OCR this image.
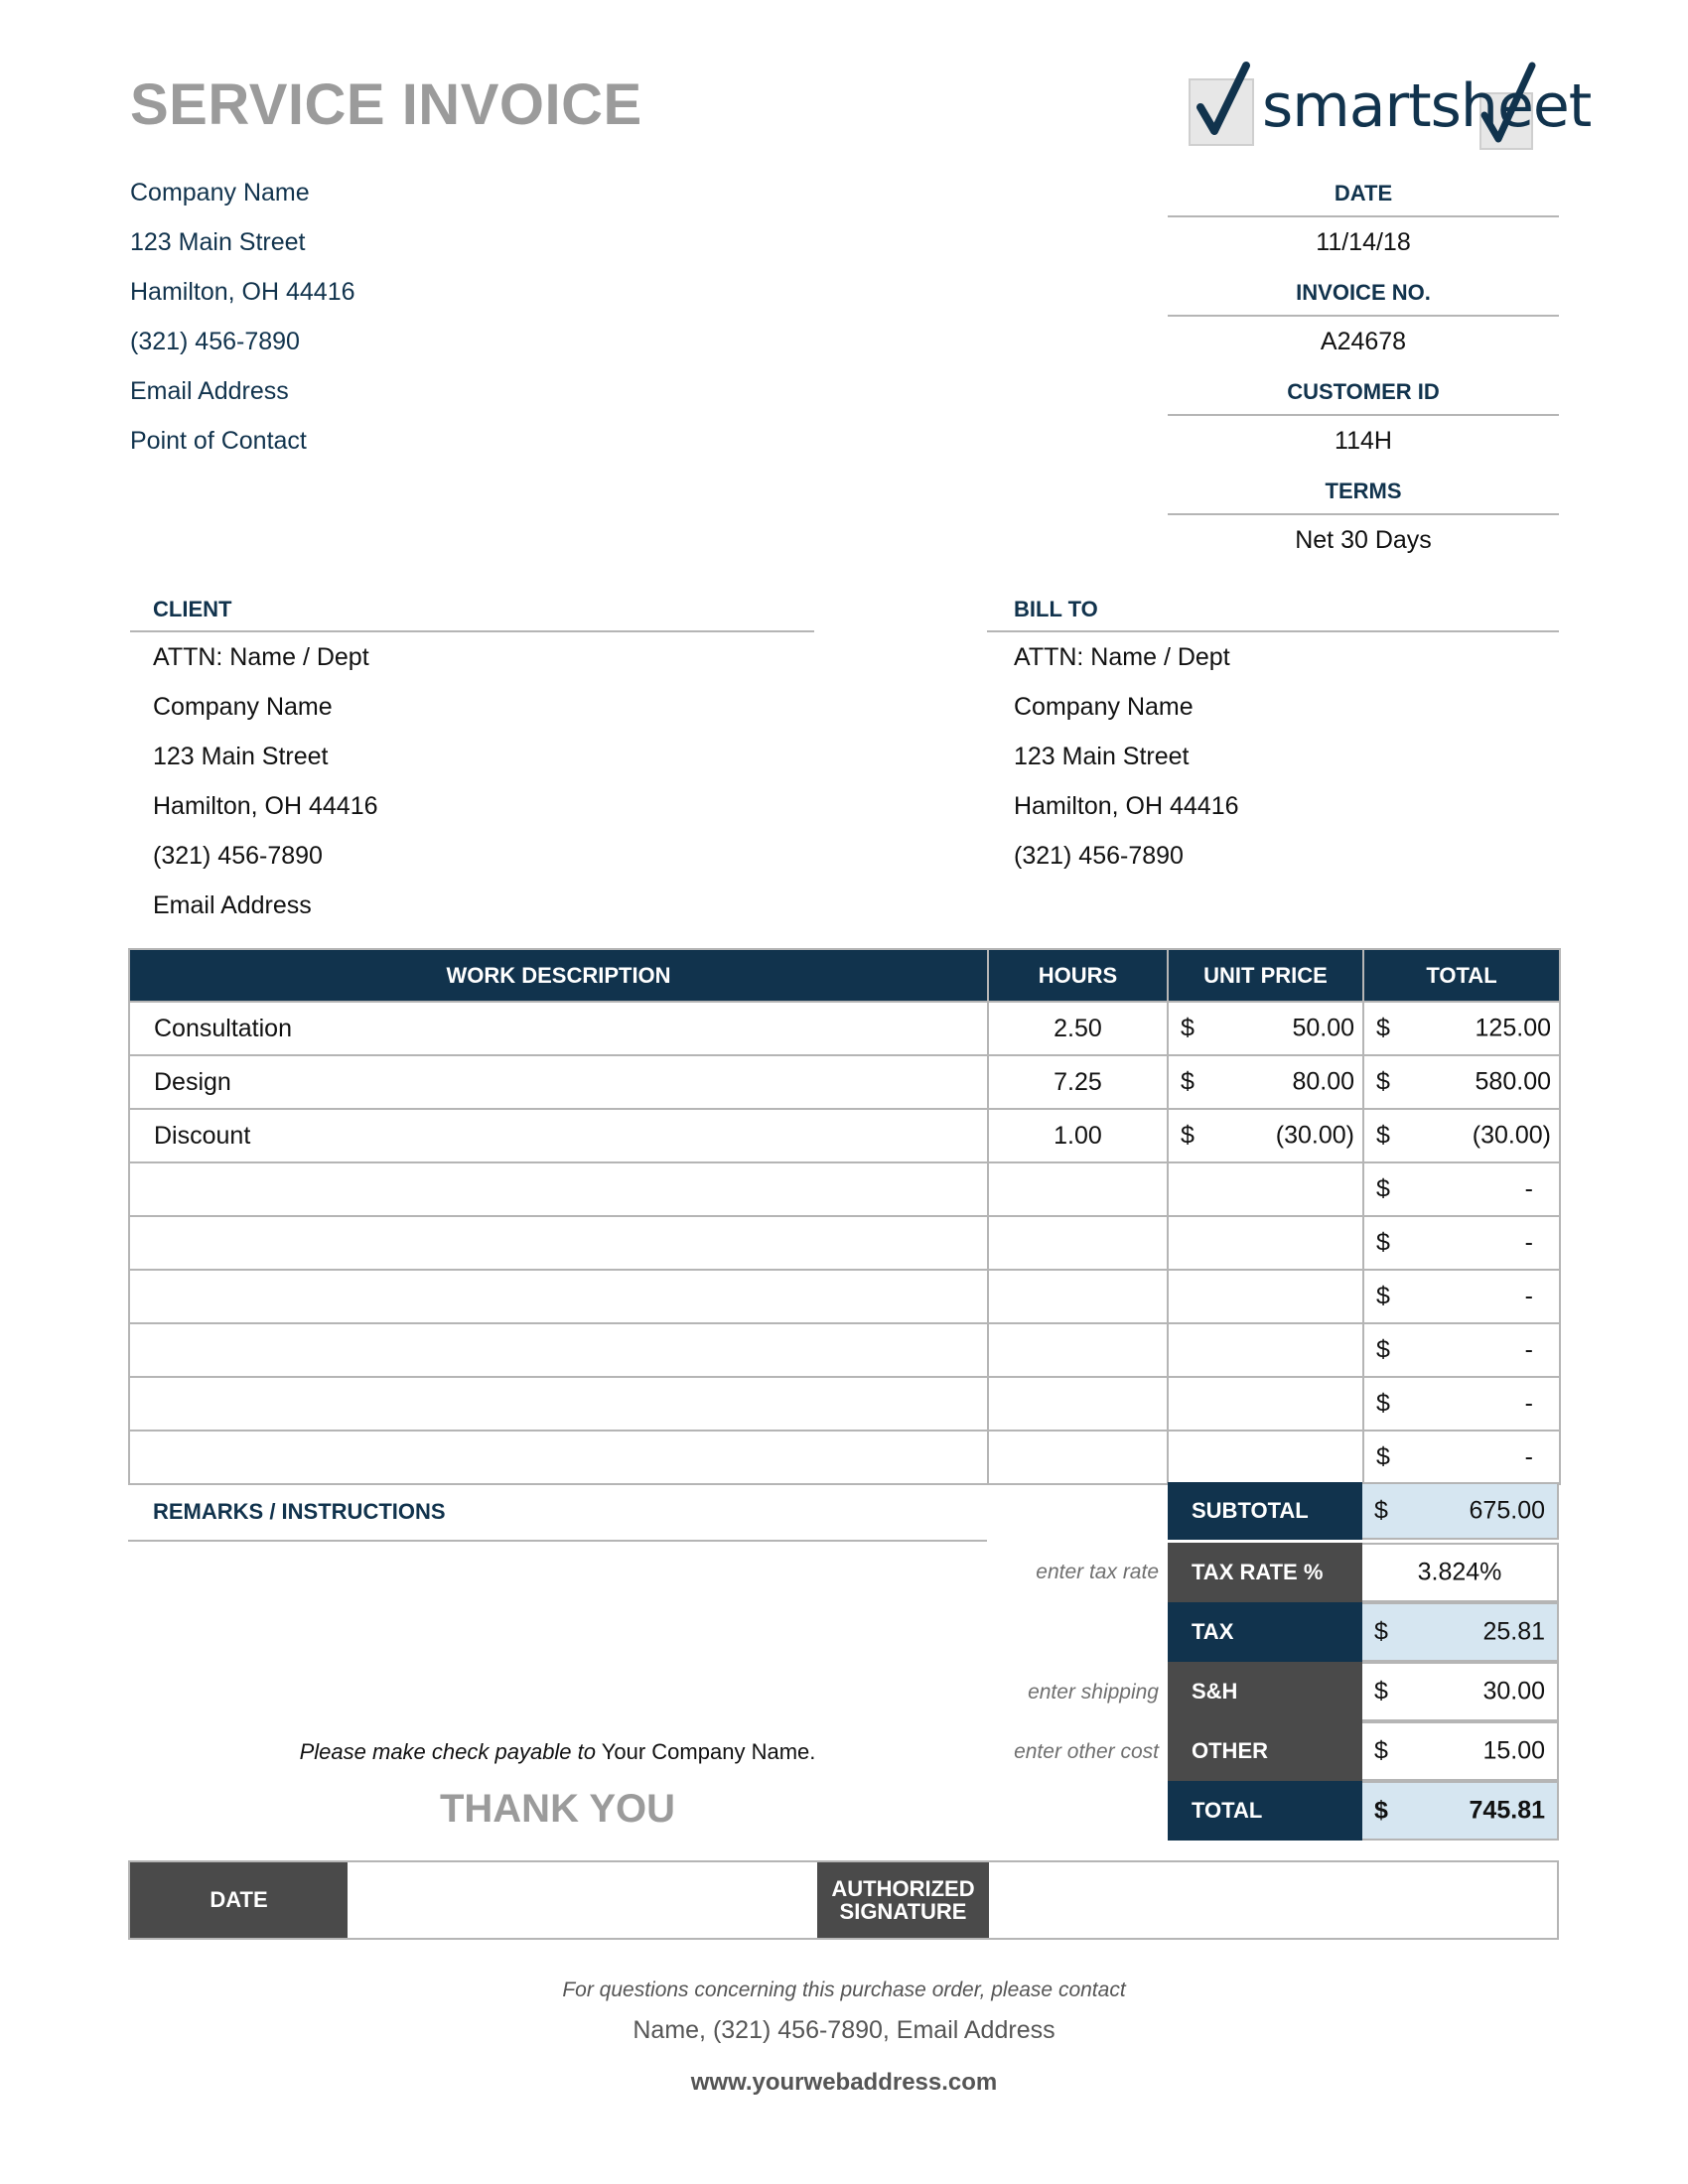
SERVICE INVOICE	smartsheet
Company Name
123 Main Street
Hamilton, OH 44416
(321) 456-7890
Email Address
Point of Contact
DATE
11/14/18
INVOICE NO.
A24678
CUSTOMER ID
114H
TERMS
Net 30 Days
CLIENT
ATTN: Name / Dept
Company Name
123 Main Street
Hamilton, OH 44416
(321) 456-7890
Email Address
BILL TO
ATTN: Name / Dept
Company Name
123 Main Street
Hamilton, OH 44416
(321) 456-7890
WORK DESCRIPTION	HOURS	UNIT PRICE	TOTAL
Consultation	2.50	$ 50.00	$ 125.00

Design	7.25	$ 80.00	$ 580.00

Discount	1.00	$ (30.00)	$ (30.00)

			$ -

			$ -

			$ -

			$ -

			$ -

			$ -
REMARKS / INSTRUCTIONS	SUBTOTAL	$	675.00
enter tax rate	TAX RATE %	3.824%
TAX	$	25.81
enter shipping	S&H	$	30.00
enter other cost	OTHER	$	15.00
TOTAL	$	745.81
Please make check payable to Your Company Name.
THANK YOU
DATE	AUTHORIZED
SIGNATURE
For questions concerning this purchase order, please contact
Name, (321) 456-7890, Email Address
www.yourwebaddress.com
